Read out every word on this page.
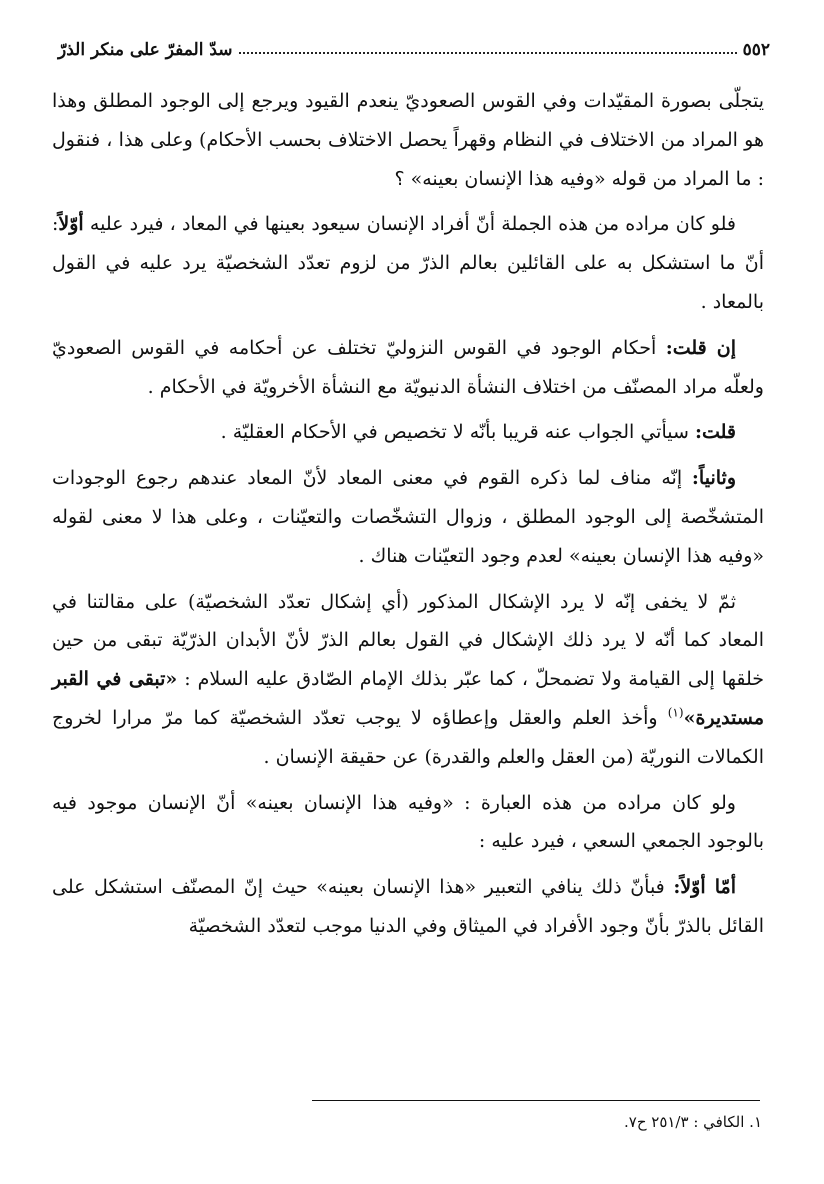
٥٥٢
سدّ المفرّ على منكر الذرّ

يتجلّى بصورة المقيّدات وفي القوس الصعوديّ ينعدم القيود ويرجع إلى الوجود المطلق وهذا هو المراد من الاختلاف في النظام وقهراً يحصل الاختلاف بحسب الأحكام) وعلى هذا ، فنقول : ما المراد من قوله «وفيه هذا الإنسان بعينه» ؟

فلو كان مراده من هذه الجملة أنّ أفراد الإنسان سيعود بعينها في المعاد ، فيرد عليه أوّلاً: أنّ ما استشكل به على القائلين بعالم الذرّ من لزوم تعدّد الشخصيّة يرد عليه في القول بالمعاد .

إن قلت: أحكام الوجود في القوس النزوليّ تختلف عن أحكامه في القوس الصعوديّ ولعلّه مراد المصنّف من اختلاف النشأة الدنيويّة مع النشأة الأخرويّة في الأحكام .

قلت: سيأتي الجواب عنه قريبا بأنّه لا تخصيص في الأحكام العقليّة .

وثانياً: إنّه مناف لما ذكره القوم في معنى المعاد لأنّ المعاد عندهم رجوع الوجودات المتشخّصة إلى الوجود المطلق ، وزوال التشخّصات والتعيّنات ، وعلى هذا لا معنى لقوله «وفيه هذا الإنسان بعينه» لعدم وجود التعيّنات هناك .

ثمّ لا يخفى إنّه لا يرد الإشكال المذكور (أي إشكال تعدّد الشخصيّة) على مقالتنا في المعاد كما أنّه لا يرد ذلك الإشكال في القول بعالم الذرّ لأنّ الأبدان الذرّيّة تبقى من حين خلقها إلى القيامة ولا تضمحلّ ، كما عبّر بذلك الإمام الصّادق عليه السلام : «تبقى في القبر مستديرة»$^{(١)}$ وأخذ العلم والعقل وإعطاؤه لا يوجب تعدّد الشخصيّة كما مرّ مرارا لخروج الكمالات النوريّة (من العقل والعلم والقدرة) عن حقيقة الإنسان .

ولو كان مراده من هذه العبارة : «وفيه هذا الإنسان بعينه» أنّ الإنسان موجود فيه بالوجود الجمعي السعي ، فيرد عليه :

أمّا أوّلاً: فبأنّ ذلك ينافي التعبير «هذا الإنسان بعينه» حيث إنّ المصنّف استشكل على القائل بالذرّ بأنّ وجود الأفراد في الميثاق وفي الدنيا موجب لتعدّد الشخصيّة

١. الكافي : ٢٥١/٣ ح٧.
